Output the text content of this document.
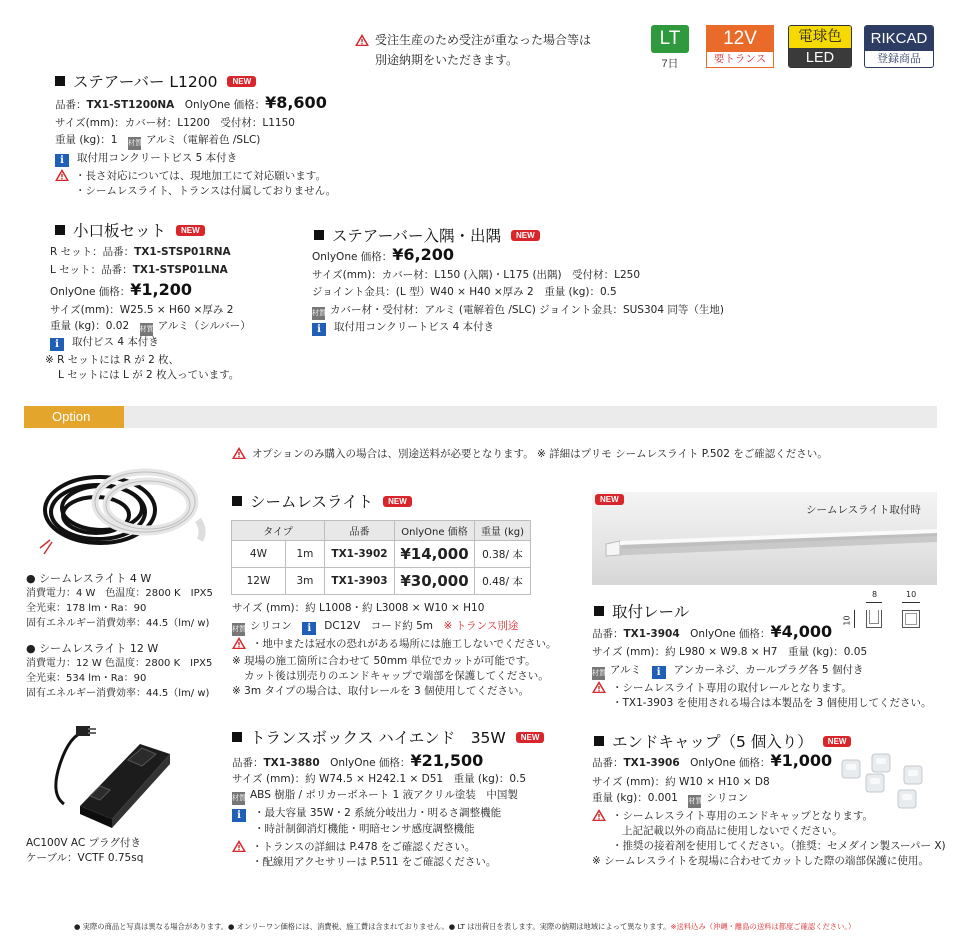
受注生産のため受注が重なった場合等は
別途納期をいただきます。
LT
7日
12V
要トランス
電球色
LED
RIKCAD
登録商品
ステアーバー L1200 NEW
品番：TX1-ST1200NA　 OnlyOne 価格：¥8,600
サイズ(mm)：カバー材：L1200　受付材：L1150
重量 (kg)：1　 材質 アルミ（電解着色 /SLC)
i 取付用コンクリートビス 5 本付き
・長さ対応については、現地加工にて対応願います。
・シームレスライト、トランスは付属しておりません。
小口板セット NEW
R セット：品番：TX1-STSP01RNA
L セット：品番：TX1-STSP01LNA
OnlyOne 価格：¥1,200
サイズ(mm)：W25.5 × H60 ×厚み 2
重量 (kg)：0.02　 材質 アルミ（シルバー）
i 取付ビス 4 本付き
※ R セットには R が 2 枚、
L セットには L が 2 枚入っています。
ステアーバー入隅・出隅 NEW
OnlyOne 価格：¥6,200
サイズ(mm)：カバー材：L150 (入隅)・L175 (出隅)　受付材：L250
ジョイント金具：(L 型）W40 × H40 ×厚み 2　重量 (kg)：0.5
材質 カバー材・受付材：アルミ (電解着色 /SLC) ジョイント金具：SUS304 同等（生地)
i 取付用コンクリートビス 4 本付き
Option
オプションのみ購入の場合は、別途送料が必要となります。 ※ 詳細はプリモ シームレスライト P.502 をご確認ください。
● シームレスライト 4 W
消費電力：4 W　色温度：2800 K　IPX5
全光束：178 lm・Ra：90
固有エネルギー消費効率：44.5（lm/ w)
● シームレスライト 12 W
消費電力：12 W 色温度：2800 K　IPX5
全光束：534 lm・Ra：90
固有エネルギー消費効率：44.5（lm/ w)
シームレスライト NEW
タイプ		品番	OnlyOne 価格	重量 (kg)
4W	1m	TX1-3902	¥14,000	0.38/ 本
12W	3m	TX1-3903	¥30,000	0.48/ 本
サイズ (mm)：約 L1008・約 L3008 × W10 × H10
材質 シリコン　 i DC12V　コード約 5m　 ※ トランス別途
・地中または冠水の恐れがある場所には施工しないでください。
※ 現場の施工箇所に合わせて 50mm 単位でカットが可能です。
カット後は別売りのエンドキャップで端部を保護してください。
※ 3m タイプの場合は、取付レールを 3 個使用してください。
NEW
シームレスライト取付時
取付レール
品番：TX1-3904　 OnlyOne 価格：¥4,000
サイズ (mm)：約 L980 × W9.8 × H7　重量 (kg)：0.05
材質 アルミ　 i アンカーネジ、カールプラグ各 5 個付き
・シームレスライト専用の取付レールとなります。
・TX1-3903 を使用される場合は本製品を 3 個使用してください。
8	10
10
トランスボックス ハイエンド　35W NEW
品番：TX1-3880　 OnlyOne 価格：¥21,500
サイズ (mm)：約 W74.5 × H242.1 × D51　重量 (kg)：0.5
材質 ABS 樹脂 / ポリカーボネート 1 液アクリル塗装　中国製
i ・最大容量 35W・2 系統分岐出力・明るさ調整機能
・時計制御消灯機能・明暗センサ感度調整機能
・トランスの詳細は P.478 をご確認ください。
・配線用アクセサリーは P.511 をご確認ください。
AC100V AC プラグ付き
ケーブル：VCTF 0.75sq
エンドキャップ（5 個入り） NEW
品番：TX1-3906　 OnlyOne 価格：¥1,000
サイズ (mm)：約 W10 × H10 × D8
重量 (kg)：0.001　 材質 シリコン
・シームレスライト専用のエンドキャップとなります。
上記記載以外の商品に使用しないでください。
・推奨の接着剤を使用してください。（推奨：セメダイン製スーパー X)
※ シームレスライトを現場に合わせてカットした際の端部保護に使用。
● 実際の商品と写真は異なる場合があります。● オンリーワン価格には、消費税、施工費は含まれておりません。● LT は出荷日を表します。実際の納期は地域によって異なります。※送料込み（沖縄・離島の送料は都度ご確認ください。）
